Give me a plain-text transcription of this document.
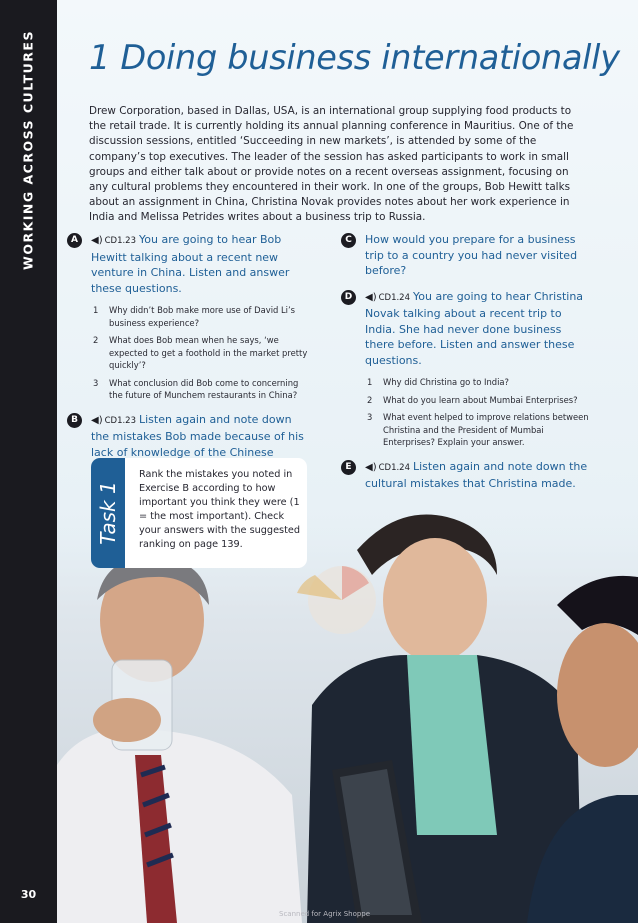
WORKING ACROSS CULTURES
30
1 Doing business internationally

Drew Corporation, based in Dallas, USA, is an international group supplying food products to the retail trade. It is currently holding its annual planning conference in Mauritius. One of the discussion sessions, entitled ‘Succeeding in new markets’, is attended by some of the company’s top executives. The leader of the session has asked participants to work in small groups and either talk about or provide notes on a recent overseas assignment, focusing on any cultural problems they encountered in their work. In one of the groups, Bob Hewitt talks about an assignment in China, Christina Novak provides notes about her work experience in India and Melissa Petrides writes about a business trip to Russia.

A	◀) CD1.23 You are going to hear Bob Hewitt talking about a recent new venture in China. Listen and answer these questions.

1 Why didn’t Bob make more use of David Li’s business experience?
2 What does Bob mean when he says, ‘we expected to get a foothold in the market pretty quickly’?
3 What conclusion did Bob come to concerning the future of Munchem restaurants in China?
B	◀) CD1.23 Listen again and note down the mistakes Bob made because of his lack of knowledge of the Chinese

C	How would you prepare for a business trip to a country you had never visited before?

D	◀) CD1.24 You are going to hear Christina Novak talking about a recent trip to India. She had never done business there before. Listen and answer these questions.

1 Why did Christina go to India?
2 What do you learn about Mumbai Enterprises?
3 What event helped to improve relations between Christina and the President of Mumbai Enterprises? Explain your answer.
E	◀) CD1.24 Listen again and note down the cultural mistakes that Christina made.

Task 1
Rank the mistakes you noted in Exercise B according to how important you think they were (1 = the most important). Check your answers with the suggested ranking on page 139.
Scanned for Agrix Shoppe
